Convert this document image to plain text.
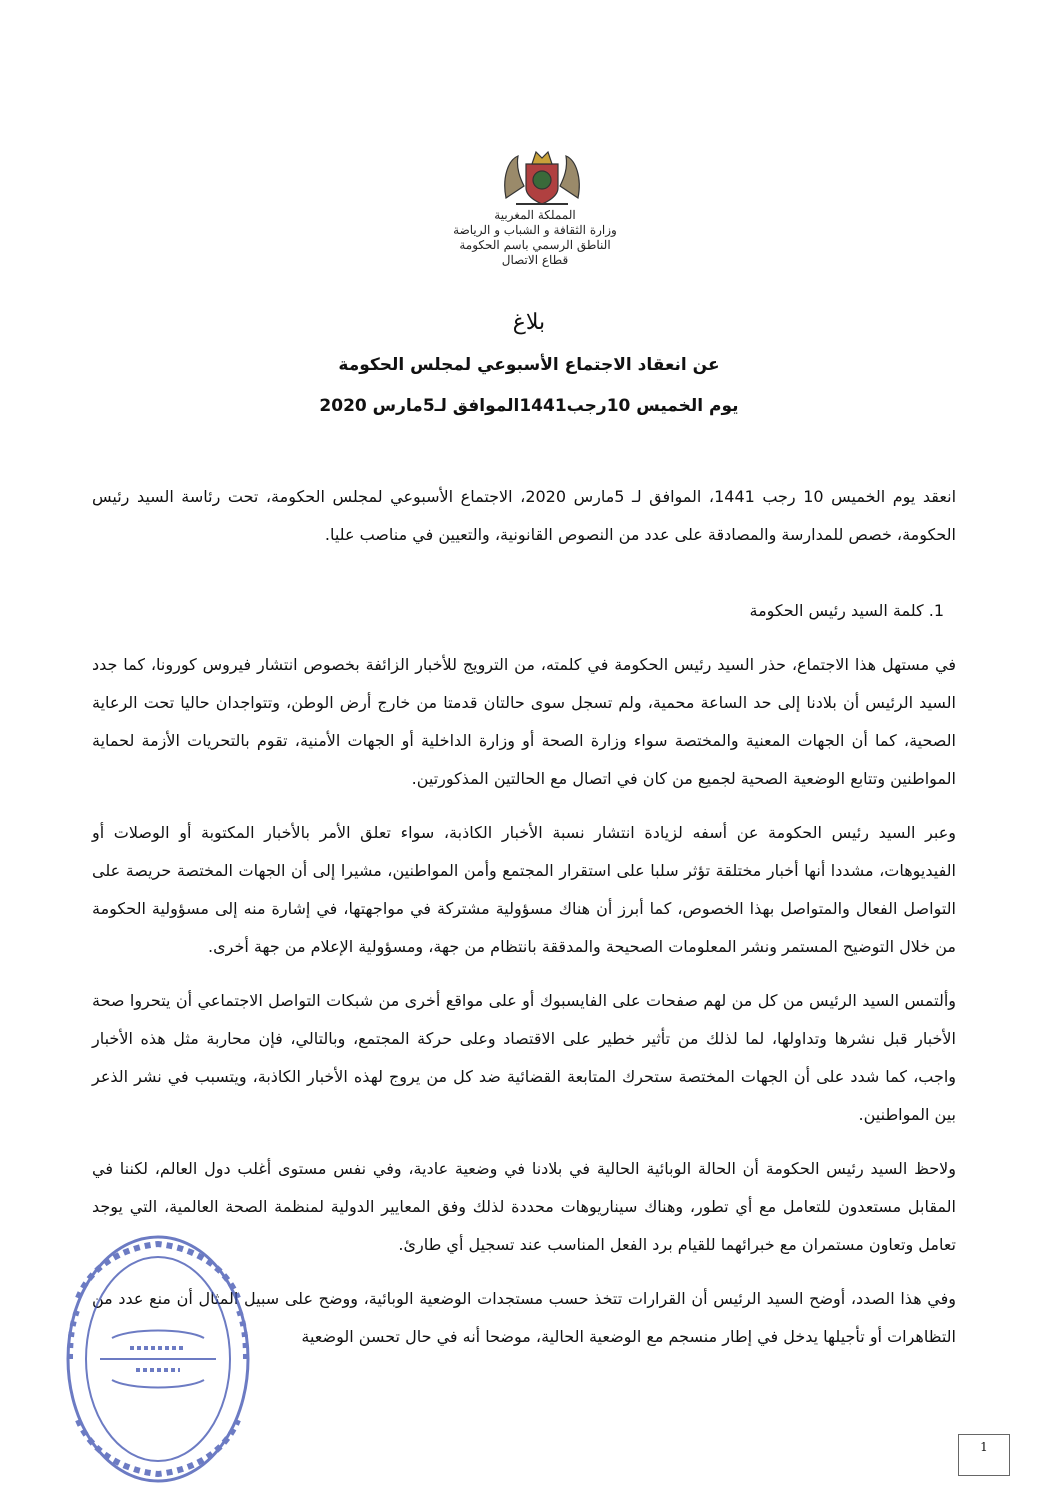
المملكة المغربية
وزارة الثقافة و الشباب و الرياضة
الناطق الرسمي باسم الحكومة
قطاع الاتصال
بلاغ
عن انعقاد الاجتماع الأسبوعي لمجلس الحكومة
يوم الخميس 10رجب1441الموافق لـ5مارس 2020

انعقد يوم الخميس 10 رجب 1441، الموافق لـ 5مارس 2020، الاجتماع الأسبوعي لمجلس الحكومة، تحت رئاسة السيد رئيس الحكومة، خصص للمدارسة والمصادقة على عدد من النصوص القانونية، والتعيين في مناصب عليا.

1. كلمة السيد رئيس الحكومة

في مستهل هذا الاجتماع، حذر السيد رئيس الحكومة في كلمته، من الترويج للأخبار الزائفة بخصوص انتشار فيروس كورونا، كما جدد السيد الرئيس أن بلادنا إلى حد الساعة محمية، ولم تسجل سوى حالتان قدمتا من خارج أرض الوطن، وتتواجدان حاليا تحت الرعاية الصحية، كما أن الجهات المعنية والمختصة سواء وزارة الصحة أو وزارة الداخلية أو الجهات الأمنية، تقوم بالتحريات الأزمة لحماية المواطنين وتتابع الوضعية الصحية لجميع من كان في اتصال مع الحالتين المذكورتين.

وعبر السيد رئيس الحكومة عن أسفه لزيادة انتشار نسبة الأخبار الكاذبة، سواء تعلق الأمر بالأخبار المكتوبة أو الوصلات أو الفيديوهات، مشددا أنها أخبار مختلقة تؤثر سلبا على استقرار المجتمع وأمن المواطنين، مشيرا إلى أن الجهات المختصة حريصة على التواصل الفعال والمتواصل بهذا الخصوص، كما أبرز أن هناك مسؤولية مشتركة في مواجهتها، في إشارة منه إلى مسؤولية الحكومة من خلال التوضيح المستمر ونشر المعلومات الصحيحة والمدققة بانتظام من جهة، ومسؤولية الإعلام من جهة أخرى.

وألتمس السيد الرئيس من كل من لهم صفحات على الفايسبوك أو على مواقع أخرى من شبكات التواصل الاجتماعي أن يتحروا صحة الأخبار قبل نشرها وتداولها، لما لذلك من تأثير خطير على الاقتصاد وعلى حركة المجتمع، وبالتالي، فإن محاربة مثل هذه الأخبار واجب، كما شدد على أن الجهات المختصة ستحرك المتابعة القضائية ضد كل من يروج لهذه الأخبار الكاذبة، ويتسبب في نشر الذعر بين المواطنين.

ولاحظ السيد رئيس الحكومة أن الحالة الوبائية الحالية في بلادنا في وضعية عادية، وفي نفس مستوى أغلب دول العالم، لكننا في المقابل مستعدون للتعامل مع أي تطور، وهناك سيناريوهات محددة لذلك وفق المعايير الدولية لمنظمة الصحة العالمية، التي يوجد تعامل وتعاون مستمران مع خبرائهما للقيام برد الفعل المناسب عند تسجيل أي طارئ.

وفي هذا الصدد، أوضح السيد الرئيس أن القرارات تتخذ حسب مستجدات الوضعية الوبائية، ووضح على سبيل المثال أن منع عدد من التظاهرات أو تأجيلها يدخل في إطار منسجم مع الوضعية الحالية، موضحا أنه في حال تحسن الوضعية

1
